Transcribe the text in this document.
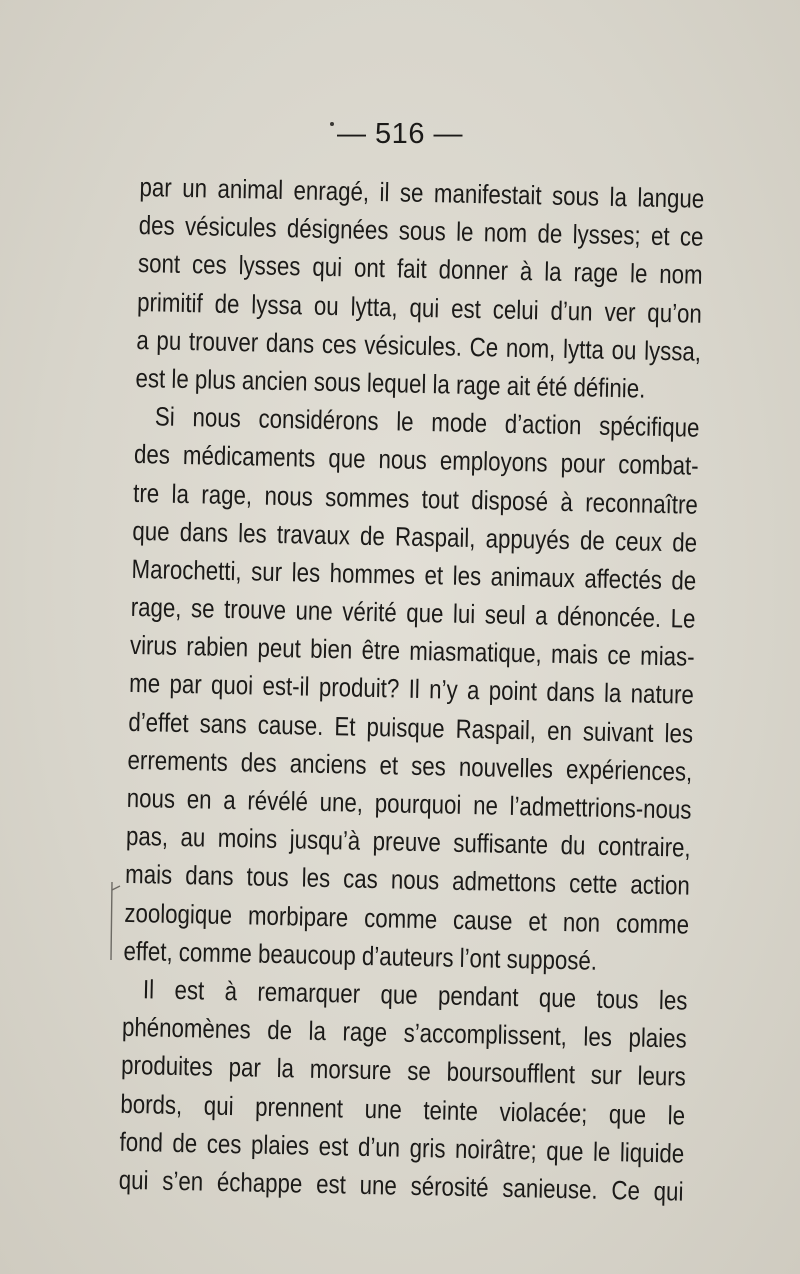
— 516 —
par un animal enragé, il se manifestait sous la langue
des vésicules désignées sous le nom de lysses; et ce
sont ces lysses qui ont fait donner à la rage le nom
primitif de lyssa ou lytta, qui est celui d’un ver qu’on
a pu trouver dans ces vésicules. Ce nom, lytta ou lyssa,
est le plus ancien sous lequel la rage ait été définie.
Si nous considérons le mode d’action spécifique
des médicaments que nous employons pour combat-
tre la rage, nous sommes tout disposé à reconnaître
que dans les travaux de Raspail, appuyés de ceux de
Marochetti, sur les hommes et les animaux affectés de
rage, se trouve une vérité que lui seul a dénoncée. Le
virus rabien peut bien être miasmatique, mais ce mias-
me par quoi est-il produit? Il n’y a point dans la nature
d’effet sans cause. Et puisque Raspail, en suivant les
errements des anciens et ses nouvelles expériences,
nous en a révélé une, pourquoi ne l’admettrions-nous
pas, au moins jusqu’à preuve suffisante du contraire,
mais dans tous les cas nous admettons cette action
zoologique morbipare comme cause et non comme
effet, comme beaucoup d’auteurs l’ont supposé.
Il est à remarquer que pendant que tous les
phénomènes de la rage s’accomplissent, les plaies
produites par la morsure se boursoufflent sur leurs
bords, qui prennent une teinte violacée; que le
fond de ces plaies est d’un gris noirâtre; que le liquide
qui s’en échappe est une sérosité sanieuse. Ce qui
